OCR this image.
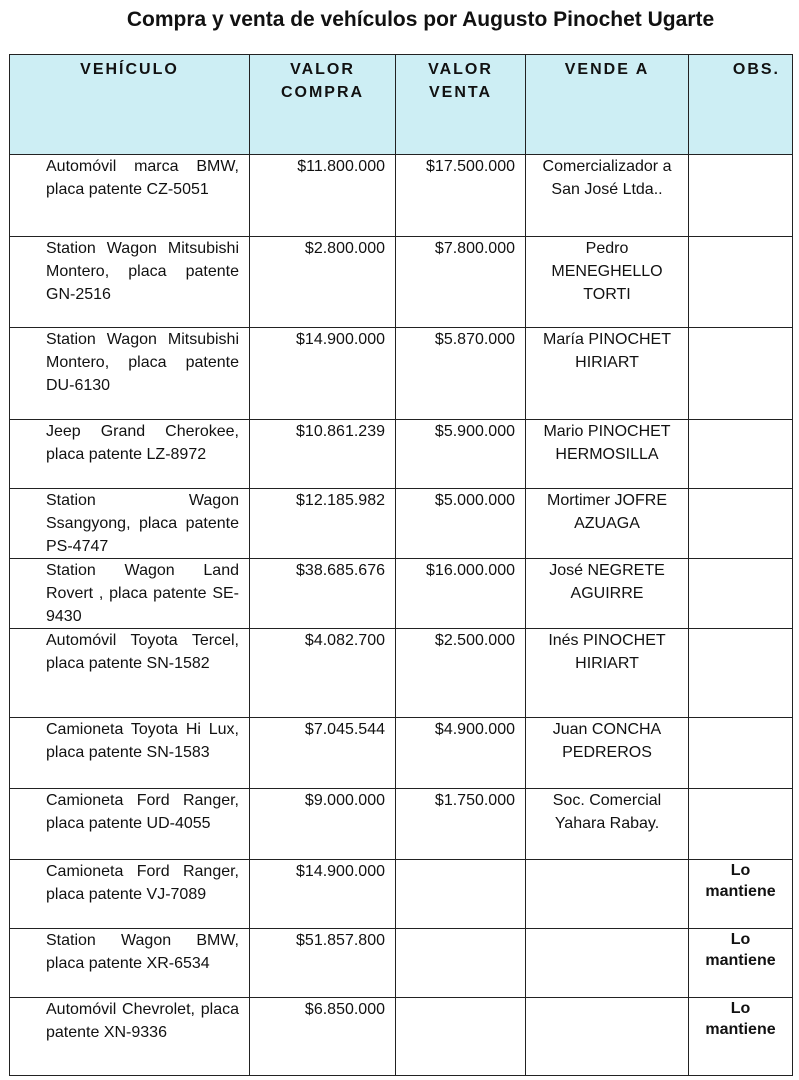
Compra y venta de vehículos por Augusto Pinochet Ugarte
VEHÍCULO	VALOR COMPRA	VALOR VENTA	VENDE A	OBS.
Automóvil marca BMW, placa patente CZ-5051	$11.800.000	$17.500.000	Comercializador a San José Ltda..	

Station Wagon Mitsubishi Montero, placa patente GN-2516	$2.800.000	$7.800.000	Pedro MENEGHELLO TORTI	

Station Wagon Mitsubishi Montero, placa patente DU-6130	$14.900.000	$5.870.000	María PINOCHET HIRIART	

Jeep Grand Cherokee, placa patente LZ-8972	$10.861.239	$5.900.000	Mario PINOCHET HERMOSILLA	

Station Wagon Ssangyong, placa patente PS-4747	$12.185.982	$5.000.000	Mortimer JOFRE AZUAGA	

Station Wagon Land Rovert , placa patente SE-9430	$38.685.676	$16.000.000	José NEGRETE AGUIRRE	

Automóvil Toyota Tercel, placa patente SN-1582	$4.082.700	$2.500.000	Inés PINOCHET HIRIART	

Camioneta Toyota Hi Lux, placa patente SN-1583	$7.045.544	$4.900.000	Juan CONCHA PEDREROS	

Camioneta Ford Ranger, placa patente UD-4055	$9.000.000	$1.750.000	Soc. Comercial Yahara Rabay.	

Camioneta Ford Ranger, placa patente VJ-7089	$14.900.000			Lo mantiene
Station Wagon BMW, placa patente XR-6534	$51.857.800			Lo mantiene
Automóvil Chevrolet, placa patente XN-9336	$6.850.000			Lo mantiene
